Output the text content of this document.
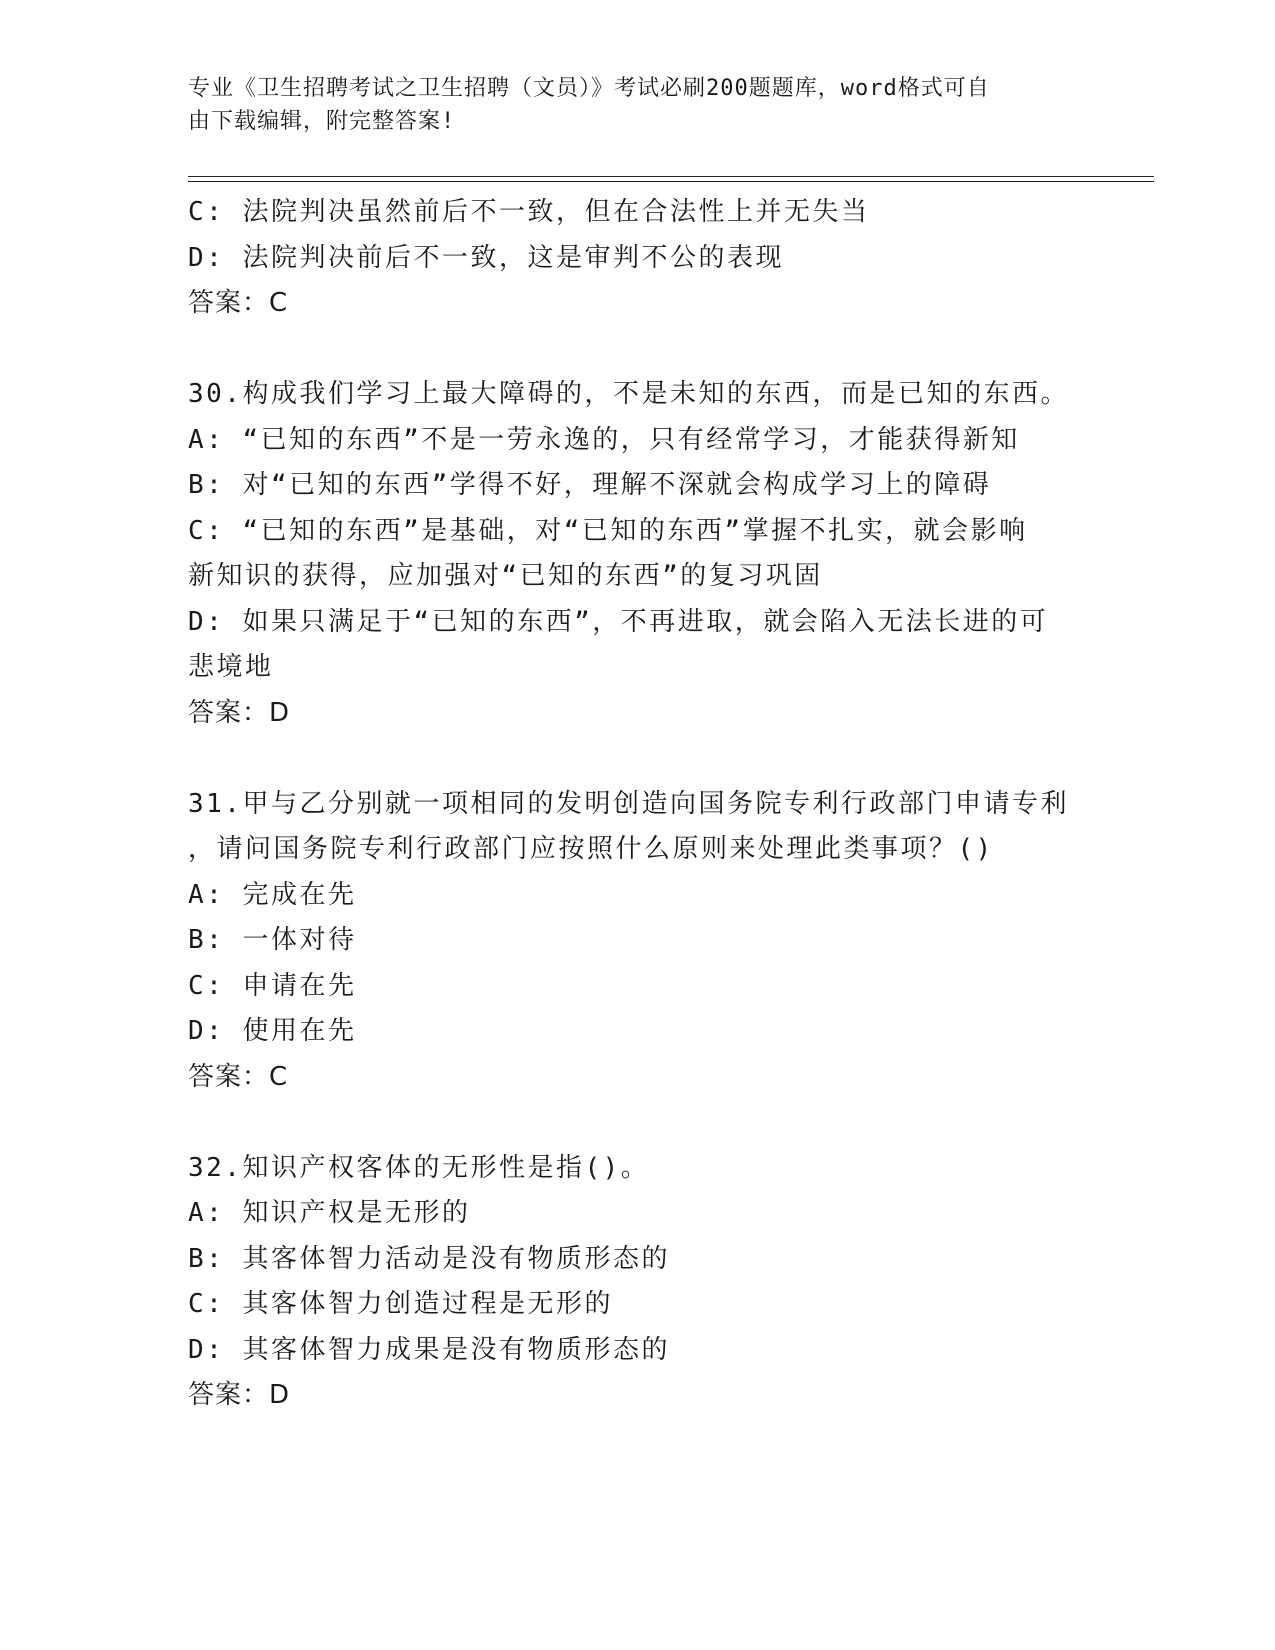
专业《卫生招聘考试之卫生招聘（文员）》考试必刷200题题库，word格式可自
由下载编辑，附完整答案!
C: 法院判决虽然前后不一致，但在合法性上并无失当
D: 法院判决前后不一致，这是审判不公的表现
答案：C
30.构成我们学习上最大障碍的，不是未知的东西，而是已知的东西。
A: “已知的东西”不是一劳永逸的，只有经常学习，才能获得新知
B: 对“已知的东西”学得不好，理解不深就会构成学习上的障碍
C: “已知的东西”是基础，对“已知的东西”掌握不扎实，就会影响
新知识的获得，应加强对“已知的东西”的复习巩固
D: 如果只满足于“已知的东西”，不再进取，就会陷入无法长进的可
悲境地
答案：D
31.甲与乙分别就一项相同的发明创造向国务院专利行政部门申请专利
，请问国务院专利行政部门应按照什么原则来处理此类事项？()
A: 完成在先
B: 一体对待
C: 申请在先
D: 使用在先
答案：C
32.知识产权客体的无形性是指()。
A: 知识产权是无形的
B: 其客体智力活动是没有物质形态的
C: 其客体智力创造过程是无形的
D: 其客体智力成果是没有物质形态的
答案：D
